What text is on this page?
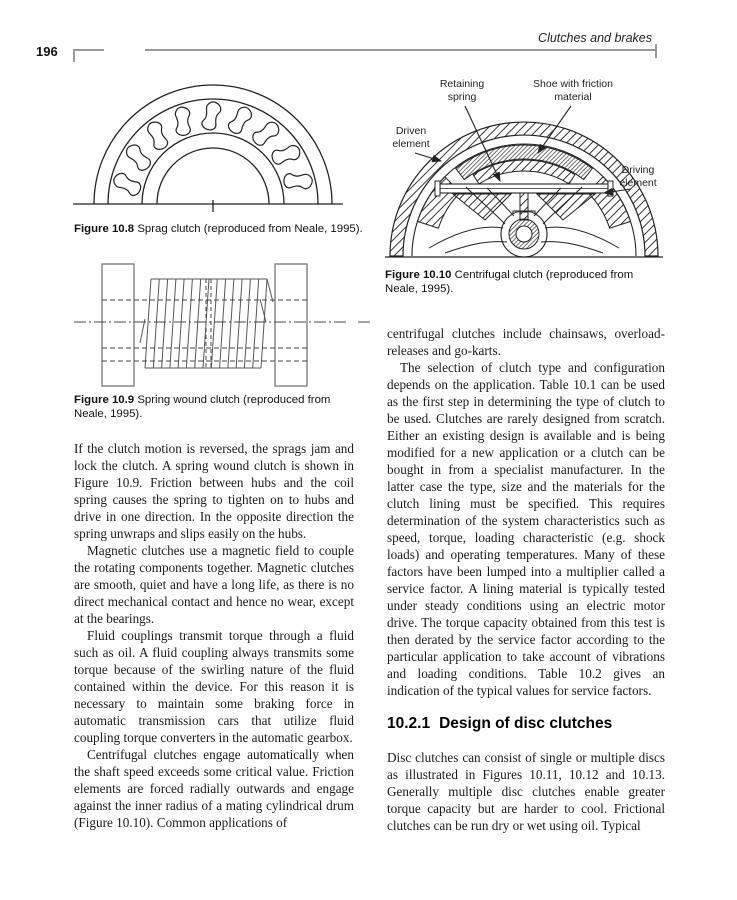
196
Clutches and brakes
Figure 10.8 Sprag clutch (reproduced from Neale, 1995).
Figure 10.9 Spring wound clutch (reproduced from Neale, 1995).

If the clutch motion is reversed, the sprags jam and lock the clutch. A spring wound clutch is shown in Figure 10.9. Friction between hubs and the coil spring causes the spring to tighten on to hubs and drive in one direction. In the opposite direction the spring unwraps and slips easily on the hubs.

Magnetic clutches use a magnetic field to couple the rotating components together. Magnetic clutches are smooth, quiet and have a long life, as there is no direct mechanical contact and hence no wear, except at the bearings.

Fluid couplings transmit torque through a fluid such as oil. A fluid coupling always transmits some torque because of the swirling nature of the fluid contained within the device. For this reason it is necessary to maintain some braking force in automatic transmission cars that utilize fluid coupling torque converters in the automatic gearbox.

Centrifugal clutches engage automatically when the shaft speed exceeds some critical value. Friction elements are forced radially outwards and engage against the inner radius of a mating cylindrical drum (Figure 10.10). Common applications of

Retaining spring
Shoe with friction material
Driven element
Driving element
Figure 10.10 Centrifugal clutch (reproduced from Neale, 1995).

centrifugal clutches include chainsaws, overload-releases and go-karts.

The selection of clutch type and configuration depends on the application. Table 10.1 can be used as the first step in determining the type of clutch to be used. Clutches are rarely designed from scratch. Either an existing design is available and is being modified for a new application or a clutch can be bought in from a specialist manufacturer. In the latter case the type, size and the materials for the clutch lining must be specified. This requires determination of the system characteristics such as speed, torque, loading characteristic (e.g. shock loads) and operating temperatures. Many of these factors have been lumped into a multiplier called a service factor. A lining material is typically tested under steady conditions using an electric motor drive. The torque capacity obtained from this test is then derated by the service factor according to the particular application to take account of vibrations and loading conditions. Table 10.2 gives an indication of the typical values for service factors.

10.2.1 Design of disc clutches

Disc clutches can consist of single or multiple discs as illustrated in Figures 10.11, 10.12 and 10.13. Generally multiple disc clutches enable greater torque capacity but are harder to cool. Frictional clutches can be run dry or wet using oil. Typical
